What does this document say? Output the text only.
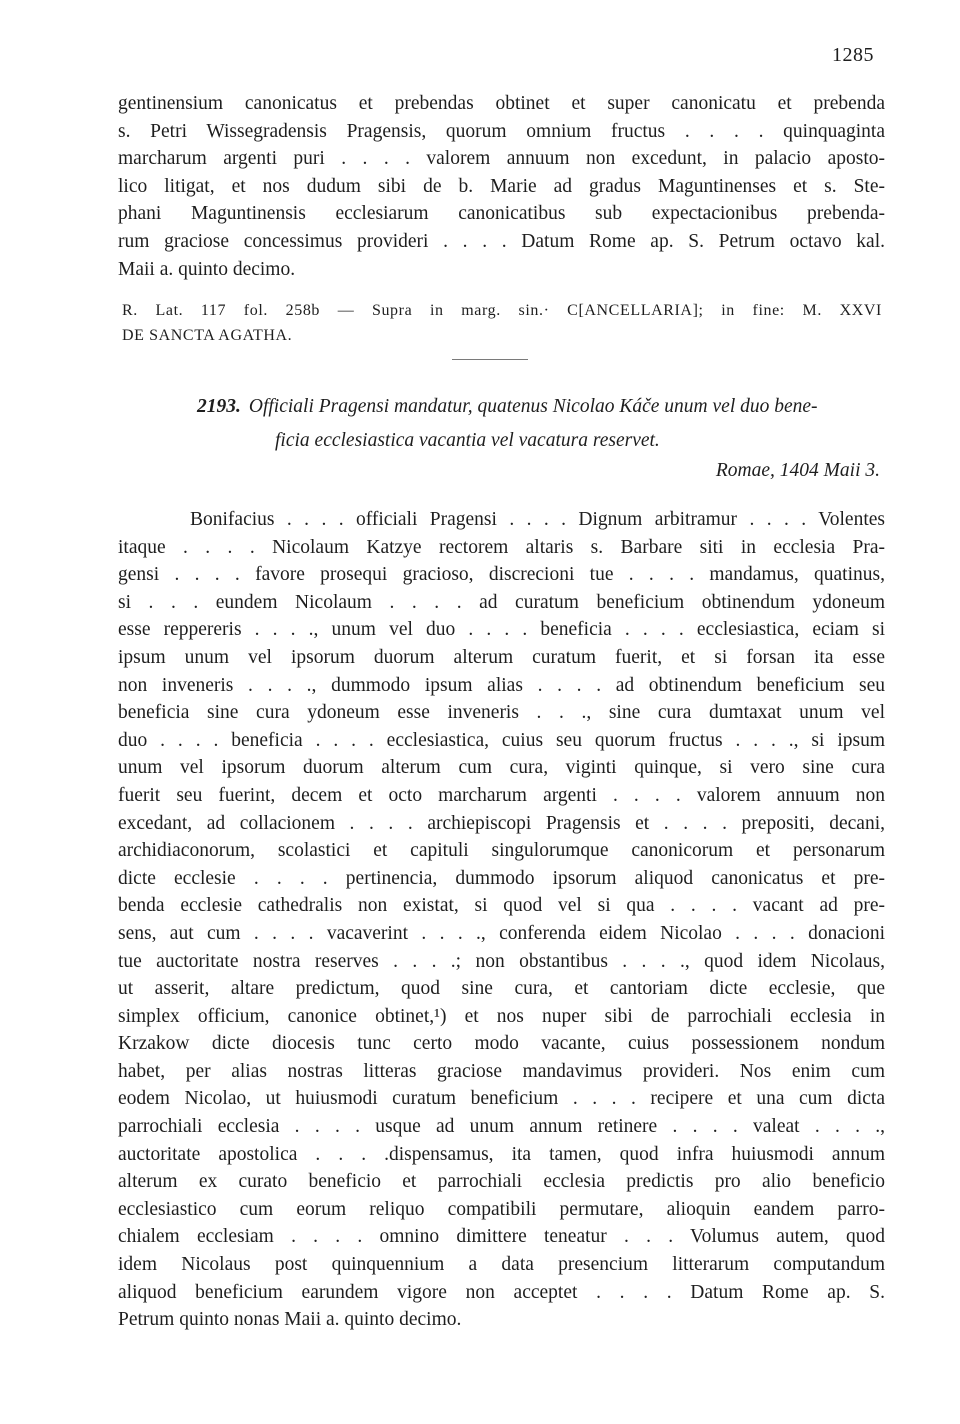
1285
gentinensium canonicatus et prebendas obtinet et super canonicatu et prebenda
s. Petri Wissegradensis Pragensis, quorum omnium fructus . . . . quinquaginta
marcharum argenti puri . . . . valorem annuum non excedunt, in palacio aposto-
lico litigat, et nos dudum sibi de b. Marie ad gradus Maguntinenses et s. Ste-
phani Maguntinensis ecclesiarum canonicatibus sub expectacionibus prebenda-
rum graciose concessimus provideri . . . . Datum Rome ap. S. Petrum octavo kal.
Maii a. quinto decimo.
R. Lat. 117 fol. 258b — Supra in marg. sin.· C[ANCELLARIA]; in fine: M. XXVI
DE SANCTA AGATHA.
2193. Officiali Pragensi mandatur, quatenus Nicolao Káče unum vel duo bene-
ficia ecclesiastica vacantia vel vacatura reservet.
Romae, 1404 Maii 3.
Bonifacius . . . . officiali Pragensi . . . . Dignum arbitramur . . . . Volentes
itaque . . . . Nicolaum Katzye rectorem altaris s. Barbare siti in ecclesia Pra-
gensi . . . . favore prosequi gracioso, discrecioni tue . . . . mandamus, quatinus,
si . . . eundem Nicolaum . . . . ad curatum beneficium obtinendum ydoneum
esse reppereris . . . ., unum vel duo . . . . beneficia . . . . ecclesiastica, eciam si
ipsum unum vel ipsorum duorum alterum curatum fuerit, et si forsan ita esse
non inveneris . . . ., dummodo ipsum alias . . . . ad obtinendum beneficium seu
beneficia sine cura ydoneum esse inveneris . . ., sine cura dumtaxat unum vel
duo . . . . beneficia . . . . ecclesiastica, cuius seu quorum fructus . . . ., si ipsum
unum vel ipsorum duorum alterum cum cura, viginti quinque, si vero sine cura
fuerit seu fuerint, decem et octo marcharum argenti . . . . valorem annuum non
excedant, ad collacionem . . . . archiepiscopi Pragensis et . . . . prepositi, decani,
archidiaconorum, scolastici et capituli singulorumque canonicorum et personarum
dicte ecclesie . . . . pertinencia, dummodo ipsorum aliquod canonicatus et pre-
benda ecclesie cathedralis non existat, si quod vel si qua . . . . vacant ad pre-
sens, aut cum . . . . vacaverint . . . ., conferenda eidem Nicolao . . . . donacioni
tue auctoritate nostra reserves . . . .; non obstantibus . . . ., quod idem Nicolaus,
ut asserit, altare predictum, quod sine cura, et cantoriam dicte ecclesie, que
simplex officium, canonice obtinet,¹) et nos nuper sibi de parrochiali ecclesia in
Krzakow dicte diocesis tunc certo modo vacante, cuius possessionem nondum
habet, per alias nostras litteras graciose mandavimus provideri. Nos enim cum
eodem Nicolao, ut huiusmodi curatum beneficium . . . . recipere et una cum dicta
parrochiali ecclesia . . . . usque ad unum annum retinere . . . . valeat . . . .,
auctoritate apostolica . . . .dispensamus, ita tamen, quod infra huiusmodi annum
alterum ex curato beneficio et parrochiali ecclesia predictis pro alio beneficio
ecclesiastico cum eorum reliquo compatibili permutare, alioquin eandem parro-
chialem ecclesiam . . . . omnino dimittere teneatur . . . Volumus autem, quod
idem Nicolaus post quinquennium a data presencium litterarum computandum
aliquod beneficium earundem vigore non acceptet . . . . Datum Rome ap. S.
Petrum quinto nonas Maii a. quinto decimo.
